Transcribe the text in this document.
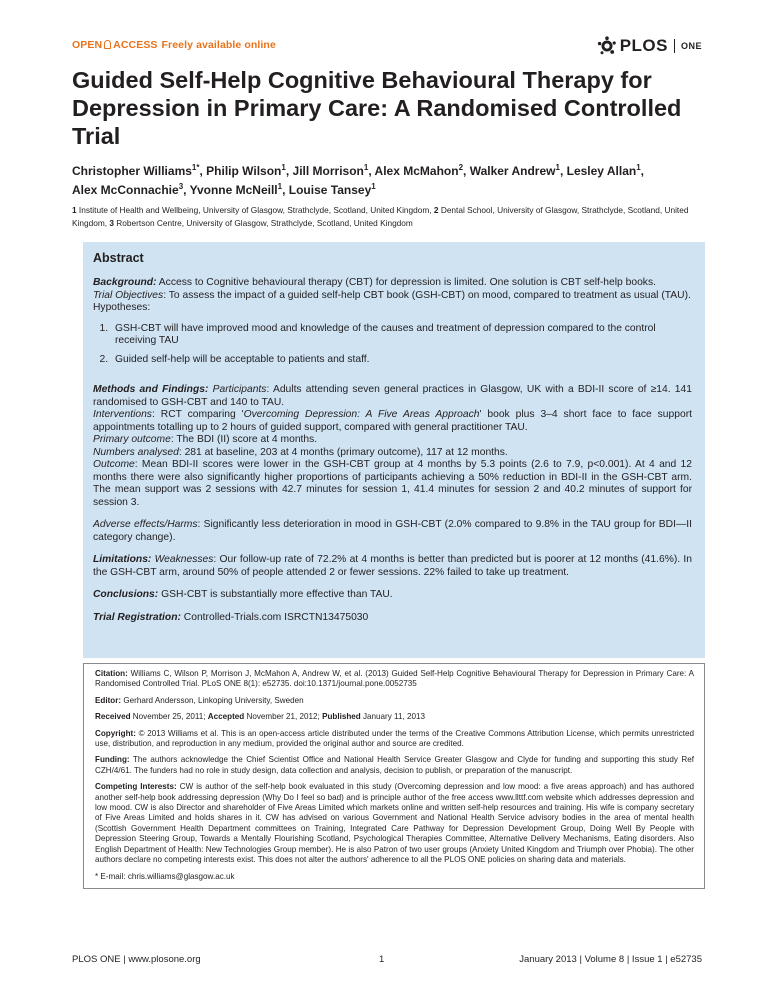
OPEN ACCESS Freely available online	PLOS ONE
Guided Self-Help Cognitive Behavioural Therapy for Depression in Primary Care: A Randomised Controlled Trial
Christopher Williams$^{1*}$, Philip Wilson$^1$, Jill Morrison$^1$, Alex McMahon$^2$, Walker Andrew$^1$, Lesley Allan$^1$,
Alex McConnachie$^3$, Yvonne McNeill$^1$, Louise Tansey$^1$
1 Institute of Health and Wellbeing, University of Glasgow, Strathclyde, Scotland, United Kingdom, 2 Dental School, University of Glasgow, Strathclyde, Scotland, United Kingdom, 3 Robertson Centre, University of Glasgow, Strathclyde, Scotland, United Kingdom
Abstract

Background: Access to Cognitive behavioural therapy (CBT) for depression is limited. One solution is CBT self-help books.
Trial Objectives: To assess the impact of a guided self-help CBT book (GSH-CBT) on mood, compared to treatment as usual (TAU).
Hypotheses:

1. GSH-CBT will have improved mood and knowledge of the causes and treatment of depression compared to the control receiving TAU
2. Guided self-help will be acceptable to patients and staff.

Methods and Findings: Participants: Adults attending seven general practices in Glasgow, UK with a BDI-II score of ≥14. 141 randomised to GSH-CBT and 140 to TAU.
Interventions: RCT comparing 'Overcoming Depression: A Five Areas Approach' book plus 3–4 short face to face support appointments totalling up to 2 hours of guided support, compared with general practitioner TAU.
Primary outcome: The BDI (II) score at 4 months.
Numbers analysed: 281 at baseline, 203 at 4 months (primary outcome), 117 at 12 months.
Outcome: Mean BDI-II scores were lower in the GSH-CBT group at 4 months by 5.3 points (2.6 to 7.9, p<0.001). At 4 and 12 months there were also significantly higher proportions of participants achieving a 50% reduction in BDI-II in the GSH-CBT arm. The mean support was 2 sessions with 42.7 minutes for session 1, 41.4 minutes for session 2 and 40.2 minutes of support for session 3.

Adverse effects/Harms: Significantly less deterioration in mood in GSH-CBT (2.0% compared to 9.8% in the TAU group for BDI—II category change).

Limitations: Weaknesses: Our follow-up rate of 72.2% at 4 months is better than predicted but is poorer at 12 months (41.6%). In the GSH-CBT arm, around 50% of people attended 2 or fewer sessions. 22% failed to take up treatment.

Conclusions: GSH-CBT is substantially more effective than TAU.

Trial Registration: Controlled-Trials.com ISRCTN13475030

Citation: Williams C, Wilson P, Morrison J, McMahon A, Andrew W, et al. (2013) Guided Self-Help Cognitive Behavioural Therapy for Depression in Primary Care: A Randomised Controlled Trial. PLoS ONE 8(1): e52735. doi:10.1371/journal.pone.0052735

Editor: Gerhard Andersson, Linkoping University, Sweden

Received November 25, 2011; Accepted November 21, 2012; Published January 11, 2013

Copyright: © 2013 Williams et al. This is an open-access article distributed under the terms of the Creative Commons Attribution License, which permits unrestricted use, distribution, and reproduction in any medium, provided the original author and source are credited.

Funding: The authors acknowledge the Chief Scientist Office and National Health Service Greater Glasgow and Clyde for funding and supporting this study Ref CZH/4/61. The funders had no role in study design, data collection and analysis, decision to publish, or preparation of the manuscript.

Competing Interests: CW is author of the self-help book evaluated in this study (Overcoming depression and low mood: a five areas approach) and has authored another self-help book addressing depression (Why Do I feel so bad) and is principle author of the free access www.llttf.com website which addresses depression and low mood. CW is also Director and shareholder of Five Areas Limited which markets online and written self-help resources and training. His wife is company secretary of Five Areas Limited and holds shares in it. CW has advised on various Government and National Health Service advisory bodies in the area of mental health (Scottish Government Health Department committees on Training, Integrated Care Pathway for Depression Development Group, Doing Well By People with Depression Steering Group, Towards a Mentally Flourishing Scotland, Psychological Therapies Committee, Alternative Delivery Mechanisms, Eating disorders. Also English Department of Health: New Technologies Group member). He is also Patron of two user groups (Anxiety United Kingdom and Triumph over Phobia). The other authors declare no competing interests exist. This does not alter the authors' adherence to all the PLOS ONE policies on sharing data and materials.

* E-mail: chris.williams@glasgow.ac.uk

PLOS ONE | www.plosone.org	1	January 2013 | Volume 8 | Issue 1 | e52735
